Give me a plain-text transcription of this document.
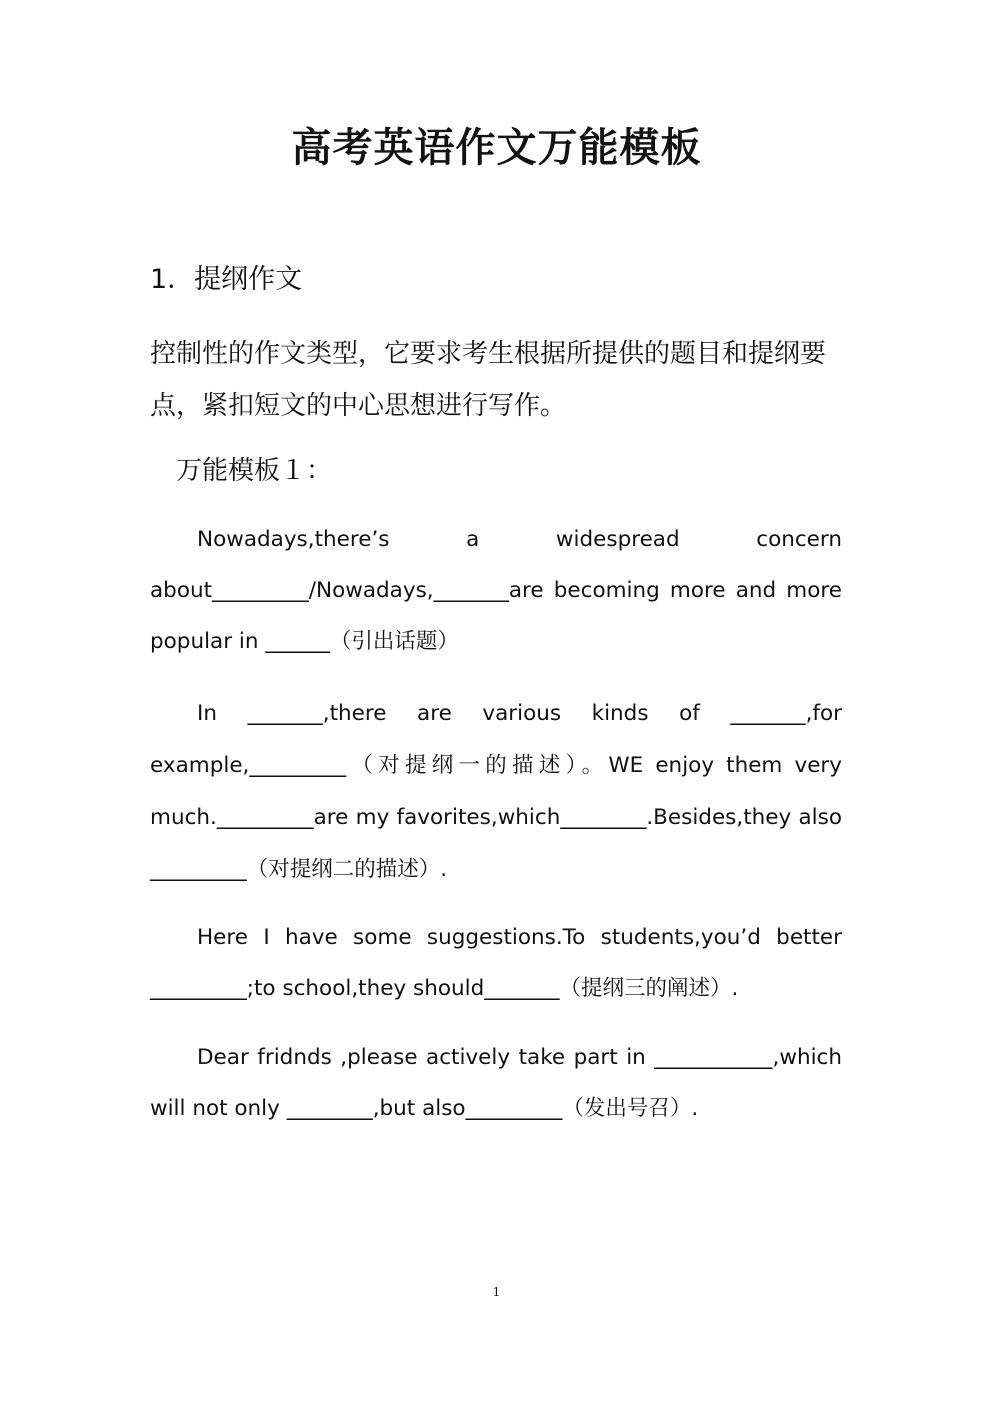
高考英语作文万能模板
1．提纲作文
控制性的作文类型，它要求考生根据所提供的题目和提纲要点，紧扣短文的中心思想进行写作。
万能模板１：
Nowadays,there’s a widespread concern about_________/Nowadays,_______are becoming more and more popular in ______（引出话题）
In _______,there are various kinds of _______,for example,_________（对提纲一的描述）。WE enjoy them very much._________are my favorites,which________.Besides,they also _________（对提纲二的描述）.
Here I have some suggestions.To students,you’d better _________;to school,they should_______（提纲三的阐述）.
Dear fridnds ,please actively take part in ___________,which will not only ________,but also_________（发出号召）.
1
